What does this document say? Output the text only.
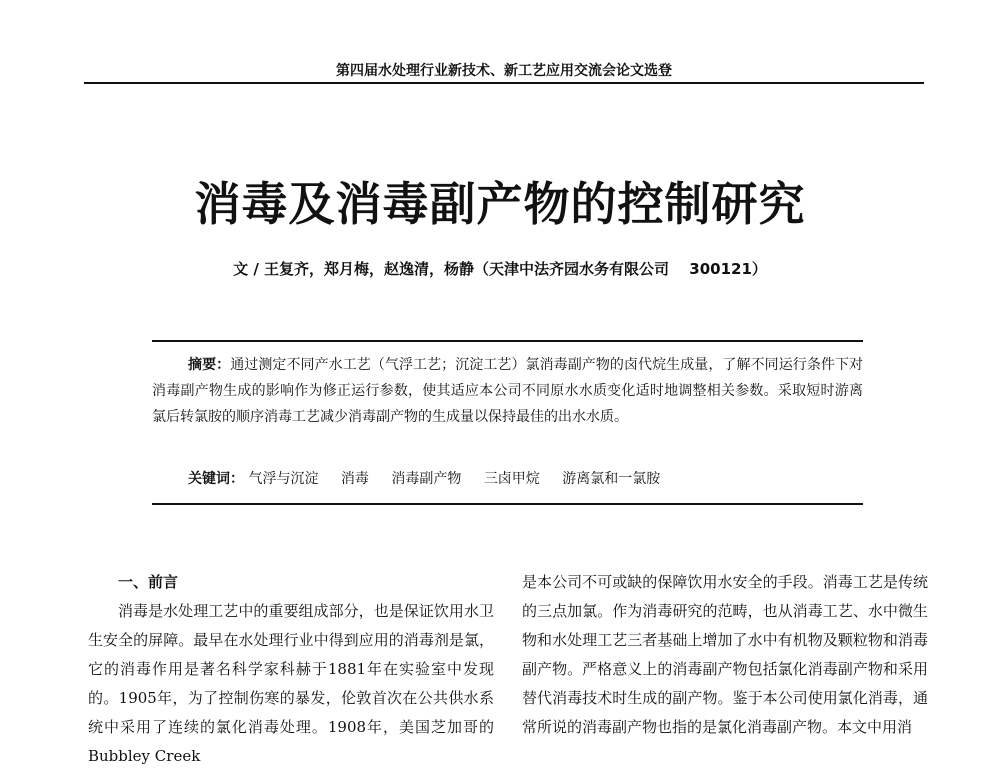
第四届水处理行业新技术、新工艺应用交流会论文选登
消毒及消毒副产物的控制研究
文 / 王复齐，郑月梅，赵逸清，杨静（天津中法齐园水务有限公司　 300121）
摘要：通过测定不同产水工艺（气浮工艺；沉淀工艺）氯消毒副产物的卤代烷生成量，了解不同运行条件下对消毒副产物生成的影响作为修正运行参数，使其适应本公司不同原水水质变化适时地调整相关参数。采取短时游离氯后转氯胺的顺序消毒工艺减少消毒副产物的生成量以保持最佳的出水水质。
关键词： 气浮与沉淀 消毒 消毒副产物 三卤甲烷 游离氯和一氯胺
一、前言
消毒是水处理工艺中的重要组成部分，也是保证饮用水卫生安全的屏障。最早在水处理行业中得到应用的消毒剂是氯，它的消毒作用是著名科学家科赫于1881年在实验室中发现的。1905年，为了控制伤寒的暴发，伦敦首次在公共供水系统中采用了连续的氯化消毒处理。1908年，美国芝加哥的Bubbley Creek
是本公司不可或缺的保障饮用水安全的手段。消毒工艺是传统的三点加氯。作为消毒研究的范畴，也从消毒工艺、水中微生物和水处理工艺三者基础上增加了水中有机物及颗粒物和消毒副产物。严格意义上的消毒副产物包括氯化消毒副产物和采用替代消毒技术时生成的副产物。鉴于本公司使用氯化消毒，通常所说的消毒副产物也指的是氯化消毒副产物。本文中用消
